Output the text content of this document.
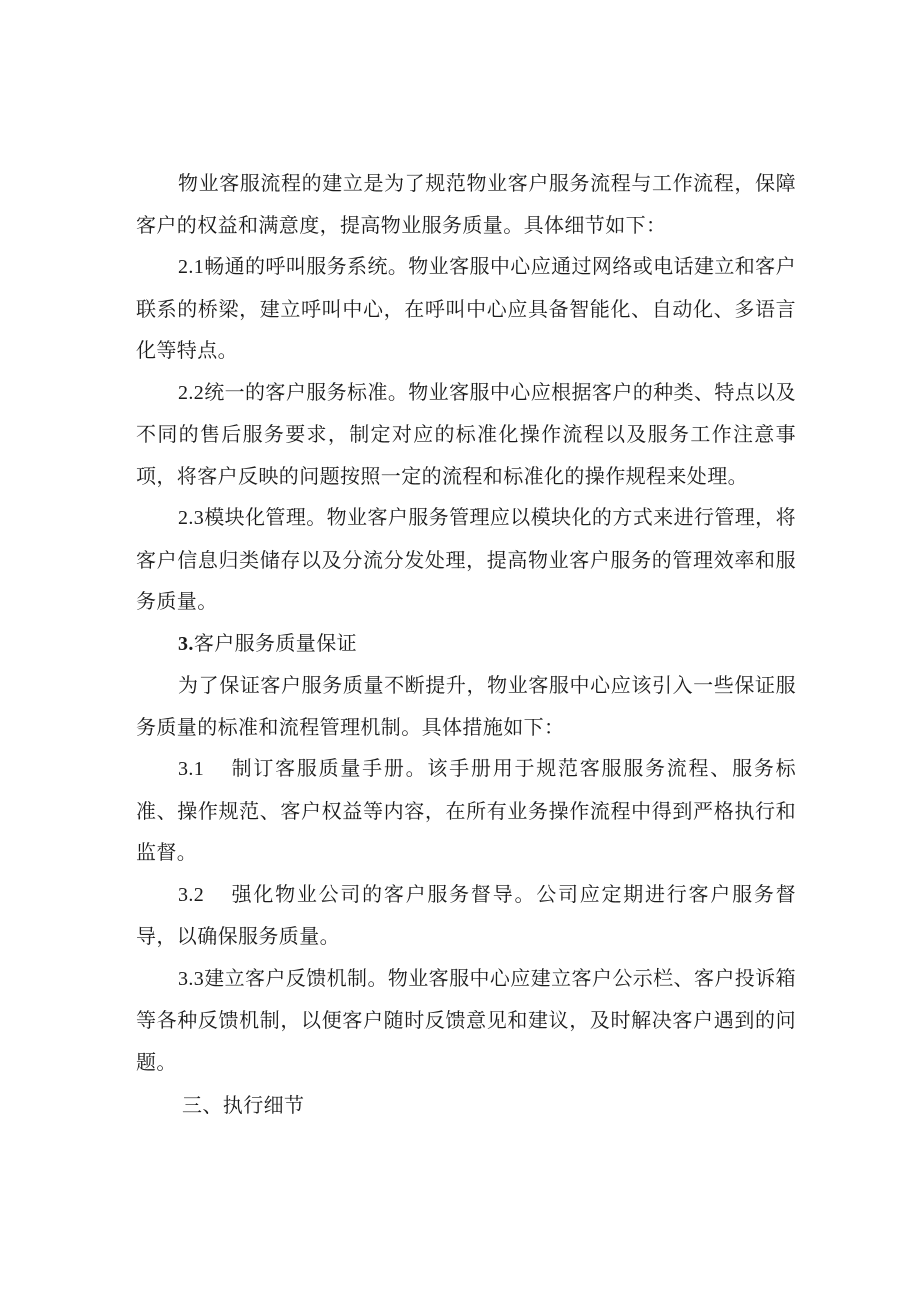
物业客服流程的建立是为了规范物业客户服务流程与工作流程，保障客户的权益和满意度，提高物业服务质量。具体细节如下：

2.1畅通的呼叫服务系统。物业客服中心应通过网络或电话建立和客户联系的桥梁，建立呼叫中心，在呼叫中心应具备智能化、自动化、多语言化等特点。

2.2统一的客户服务标准。物业客服中心应根据客户的种类、特点以及不同的售后服务要求，制定对应的标准化操作流程以及服务工作注意事项，将客户反映的问题按照一定的流程和标准化的操作规程来处理。

2.3模块化管理。物业客户服务管理应以模块化的方式来进行管理，将客户信息归类储存以及分流分发处理，提高物业客户服务的管理效率和服务质量。

3.客户服务质量保证

为了保证客户服务质量不断提升，物业客服中心应该引入一些保证服务质量的标准和流程管理机制。具体措施如下：

3.1 制订客服质量手册。该手册用于规范客服服务流程、服务标准、操作规范、客户权益等内容，在所有业务操作流程中得到严格执行和监督。

3.2 强化物业公司的客户服务督导。公司应定期进行客户服务督导，以确保服务质量。

3.3建立客户反馈机制。物业客服中心应建立客户公示栏、客户投诉箱等各种反馈机制，以便客户随时反馈意见和建议，及时解决客户遇到的问题。

三、执行细节
